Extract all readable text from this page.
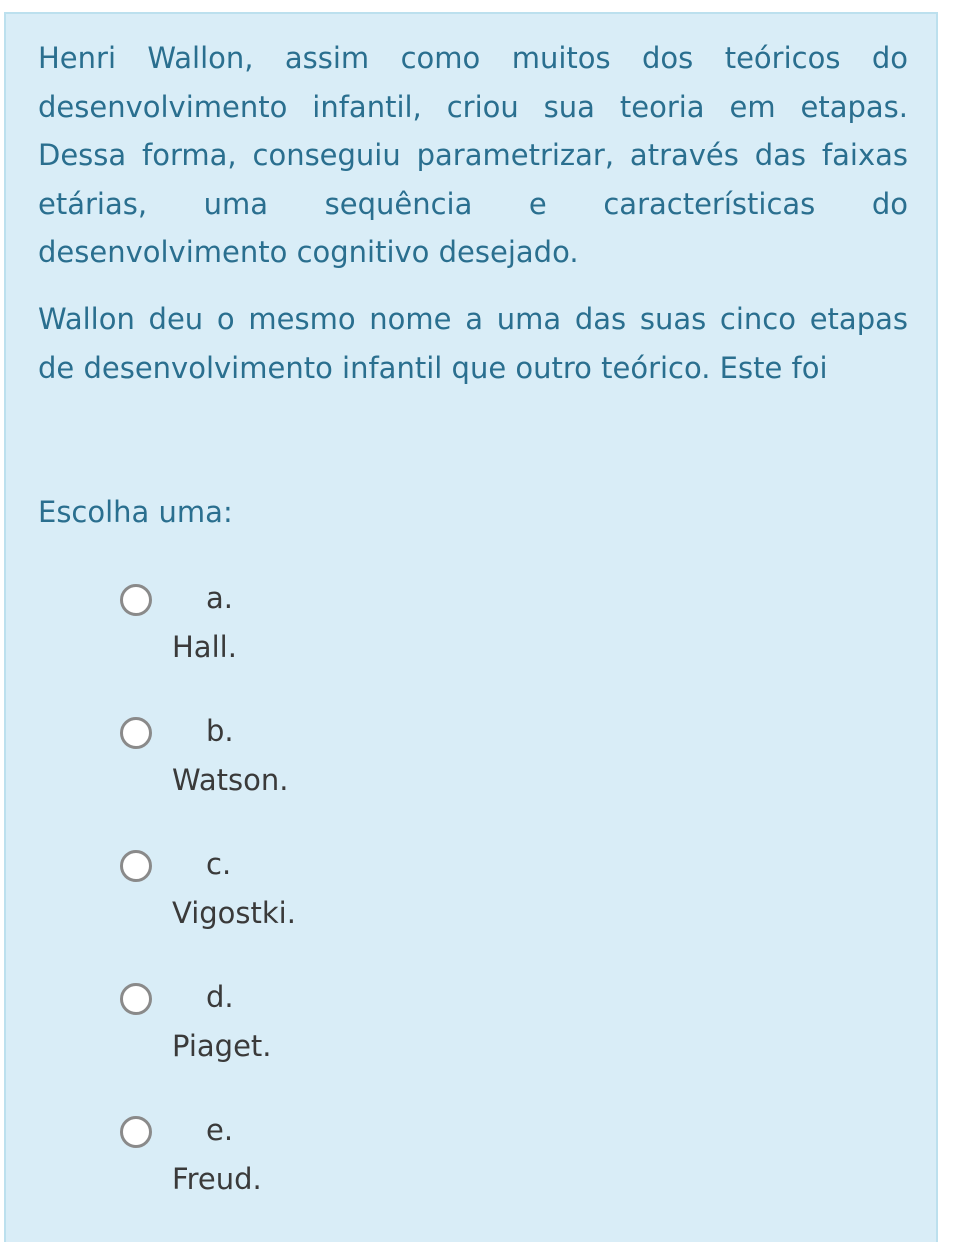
Henri Wallon, assim como muitos dos teóricos do desenvolvimento infantil, criou sua teoria em etapas. Dessa forma, conseguiu parametrizar, através das faixas etárias, uma sequência e características do desenvolvimento cognitivo desejado.

Wallon deu o mesmo nome a uma das suas cinco etapas de desenvolvimento infantil que outro teórico. Este foi

Escolha uma:

a.
Hall.
b.
Watson.
c.
Vigostki.
d.
Piaget.
e.
Freud.
